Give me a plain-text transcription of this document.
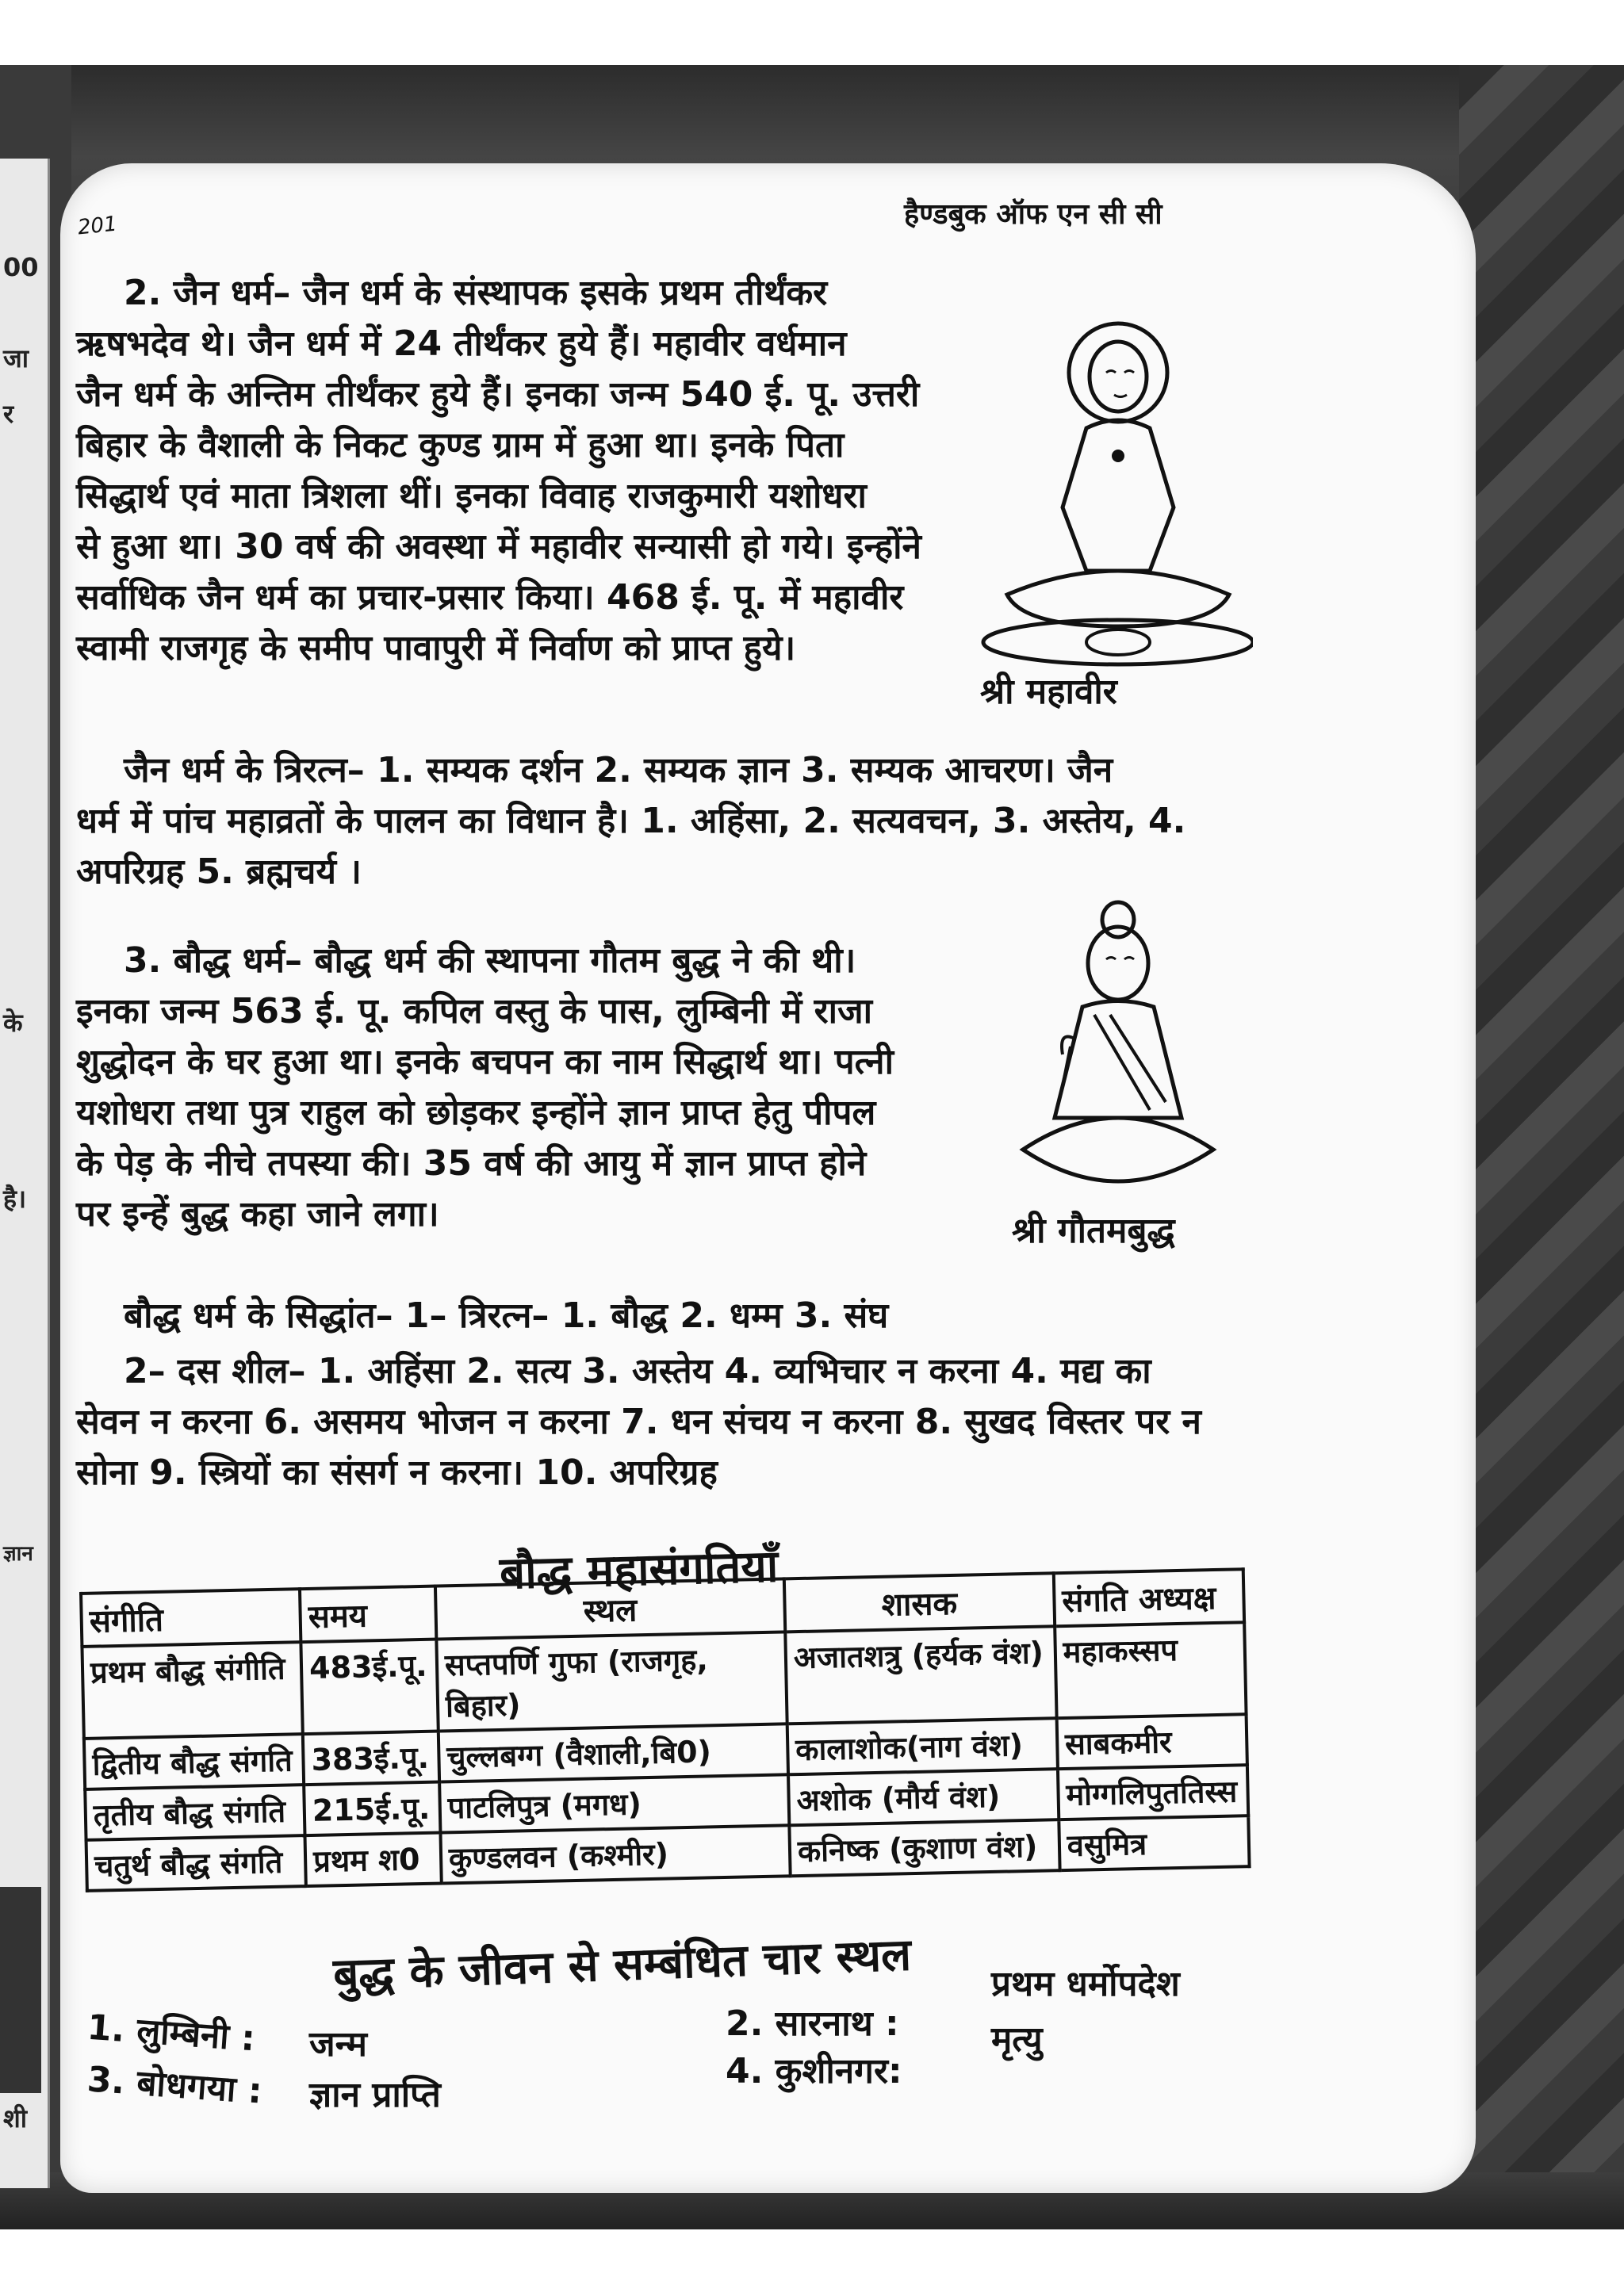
00
जा
र
के
है।
ज्ञान
शी
201	हैण्डबुक ऑफ एन सी सी
2. जैन धर्म– जैन धर्म के संस्थापक इसके प्रथम तीर्थंकर
ऋषभदेव थे। जैन धर्म में 24 तीर्थंकर हुये हैं। महावीर वर्धमान
जैन धर्म के अन्तिम तीर्थंकर हुये हैं। इनका जन्म 540 ई. पू. उत्तरी
बिहार के वैशाली के निकट कुण्ड ग्राम में हुआ था। इनके पिता
सिद्धार्थ एवं माता त्रिशला थीं। इनका विवाह राजकुमारी यशोधरा
से हुआ था। 30 वर्ष की अवस्था में महावीर सन्यासी हो गये। इन्होंने
सर्वाधिक जैन धर्म का प्रचार-प्रसार किया। 468 ई. पू. में महावीर
स्वामी राजगृह के समीप पावापुरी में निर्वाण को प्राप्त हुये।
श्री महावीर
जैन धर्म के त्रिरत्न– 1. सम्यक दर्शन 2. सम्यक ज्ञान 3. सम्यक आचरण। जैन
धर्म में पांच महाव्रतों के पालन का विधान है। 1. अहिंसा, 2. सत्यवचन, 3. अस्तेय, 4.
अपरिग्रह 5. ब्रह्मचर्य ।
3. बौद्ध धर्म– बौद्ध धर्म की स्थापना गौतम बुद्ध ने की थी।
इनका जन्म 563 ई. पू. कपिल वस्तु के पास, लुम्बिनी में राजा
शुद्धोदन के घर हुआ था। इनके बचपन का नाम सिद्धार्थ था। पत्नी
यशोधरा तथा पुत्र राहुल को छोड़कर इन्होंने ज्ञान प्राप्त हेतु पीपल
के पेड़ के नीचे तपस्या की। 35 वर्ष की आयु में ज्ञान प्राप्त होने
पर इन्हें बुद्ध कहा जाने लगा।	श्री गौतमबुद्ध
बौद्ध धर्म के सिद्धांत– 1– त्रिरत्न– 1. बौद्ध 2. धम्म 3. संघ
2– दस शील– 1. अहिंसा 2. सत्य 3. अस्तेय 4. व्यभिचार न करना 4. मद्य का
सेवन न करना 6. असमय भोजन न करना 7. धन संचय न करना 8. सुखद विस्तर पर न
सोना 9. स्त्रियों का संसर्ग न करना। 10. अपरिग्रह
बौद्ध महासंगतियाँ
संगीति	समय	स्थल	शासक	संगति अध्यक्ष
प्रथम बौद्ध संगीति	483ई.पू.	सप्तपर्णि गुफा (राजगृह, बिहार)	अजातशत्रु (हर्यक वंश)	महाकस्सप
द्वितीय बौद्ध संगति	383ई.पू.	चुल्लबग्ग (वैशाली,बि0)	कालाशोक(नाग वंश)	साबकमीर
तृतीय बौद्ध संगति	215ई.पू.	पाटलिपुत्र (मगध)	अशोक (मौर्य वंश)	मोग्गलिपुततिस्स
चतुर्थ बौद्ध संगति	प्रथम श0	कुण्डलवन (कश्मीर)	कनिष्क (कुशाण वंश)	वसुमित्र
बुद्ध के जीवन से सम्बंधित चार स्थल
1. लुम्बिनी : जन्म
3. बोधगया : ज्ञान प्राप्ति
2. सारनाथ :
प्रथम धर्मोपदेश
4. कुशीनगर:
मृत्यु
